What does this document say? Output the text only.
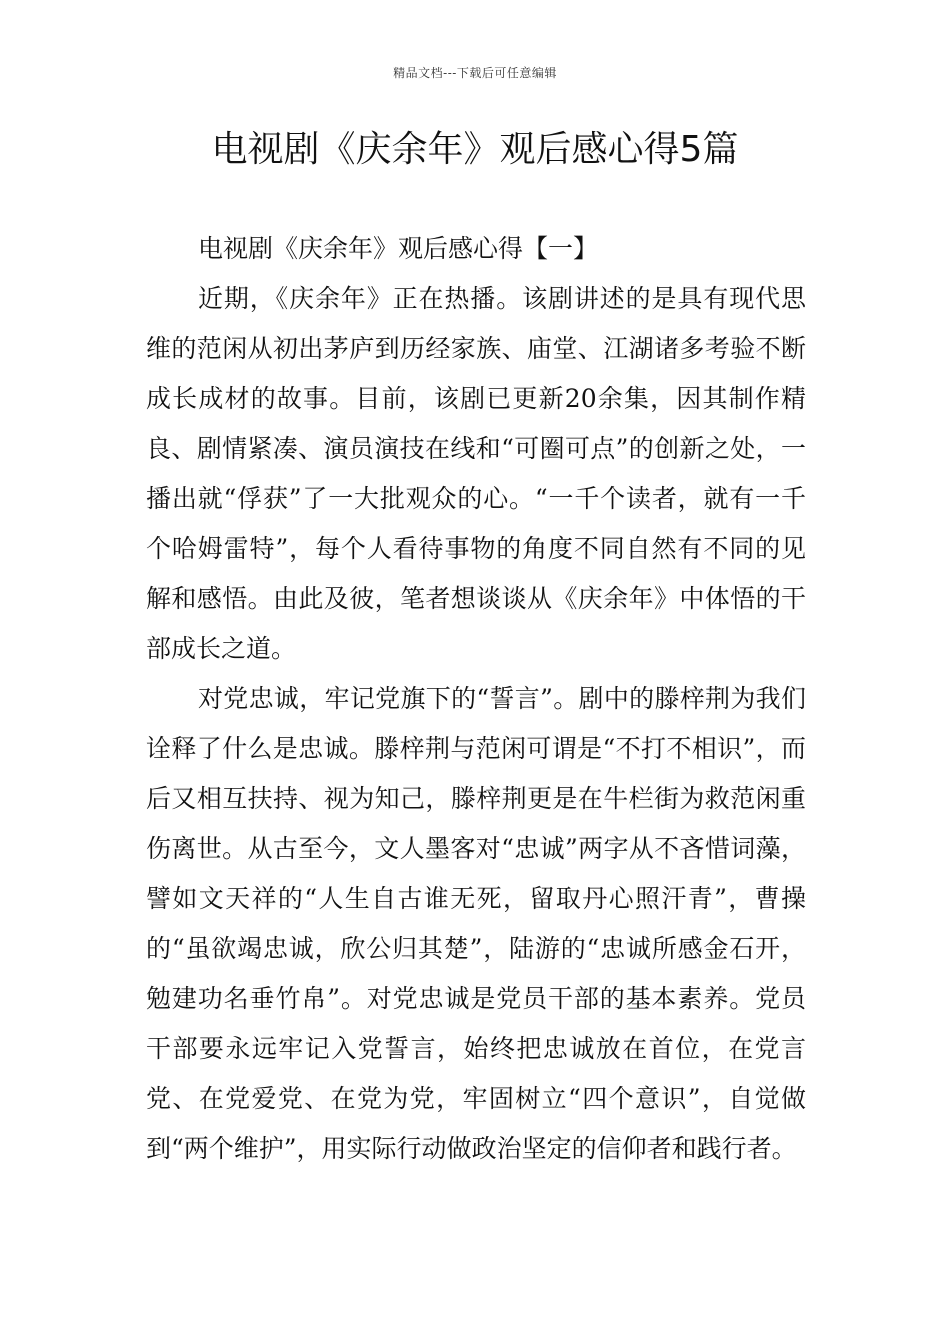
精品文档---下载后可任意编辑
电视剧《庆余年》观后感心得5篇
电视剧《庆余年》观后感心得【一】

近期，《庆余年》正在热播。该剧讲述的是具有现代思维的范闲从初出茅庐到历经家族、庙堂、江湖诸多考验不断成长成材的故事。目前，该剧已更新20余集，因其制作精良、剧情紧凑、演员演技在线和“可圈可点”的创新之处，一播出就“俘获”了一大批观众的心。“一千个读者，就有一千个哈姆雷特”，每个人看待事物的角度不同自然有不同的见解和感悟。由此及彼，笔者想谈谈从《庆余年》中体悟的干部成长之道。

对党忠诚，牢记党旗下的“誓言”。剧中的滕梓荆为我们诠释了什么是忠诚。滕梓荆与范闲可谓是“不打不相识”，而后又相互扶持、视为知己，滕梓荆更是在牛栏街为救范闲重伤离世。从古至今，文人墨客对“忠诚”两字从不吝惜词藻，譬如文天祥的“人生自古谁无死，留取丹心照汗青”，曹操的“虽欲竭忠诚，欣公归其楚”，陆游的“忠诚所感金石开，勉建功名垂竹帛”。对党忠诚是党员干部的基本素养。党员干部要永远牢记入党誓言，始终把忠诚放在首位，在党言党、在党爱党、在党为党，牢固树立“四个意识”，自觉做到“两个维护”，用实际行动做政治坚定的信仰者和践行者。
